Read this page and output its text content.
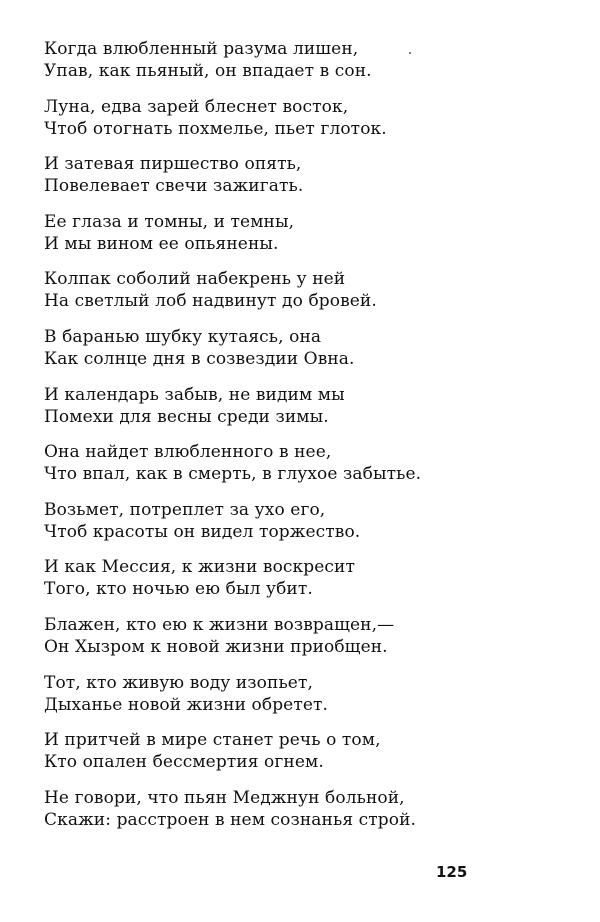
Когда влюбленный разума лишен,
Упав, как пьяный, он впадает в сон.
Луна, едва зарей блеснет восток,
Чтоб отогнать похмелье, пьет глоток.
И затевая пиршество опять,
Повелевает свечи зажигать.
Ее глаза и томны, и темны,
И мы вином ее опьянены.
Колпак соболий набекрень у ней
На светлый лоб надвинут до бровей.
В баранью шубку кутаясь, она
Как солнце дня в созвездии Овна.
И календарь забыв, не видим мы
Помехи для весны среди зимы.
Она найдет влюбленного в нее,
Что впал, как в смерть, в глухое забытье.
Возьмет, потреплет за ухо его,
Чтоб красоты он видел торжество.
И как Мессия, к жизни воскресит
Того, кто ночью ею был убит.
Блажен, кто ею к жизни возвращен,—
Он Хызром к новой жизни приобщен.
Тот, кто живую воду изопьет,
Дыханье новой жизни обретет.
И притчей в мире станет речь о том,
Кто опален бессмертия огнем.
Не говори, что пьян Меджнун больной,
Скажи: расстроен в нем сознанья строй.
125
